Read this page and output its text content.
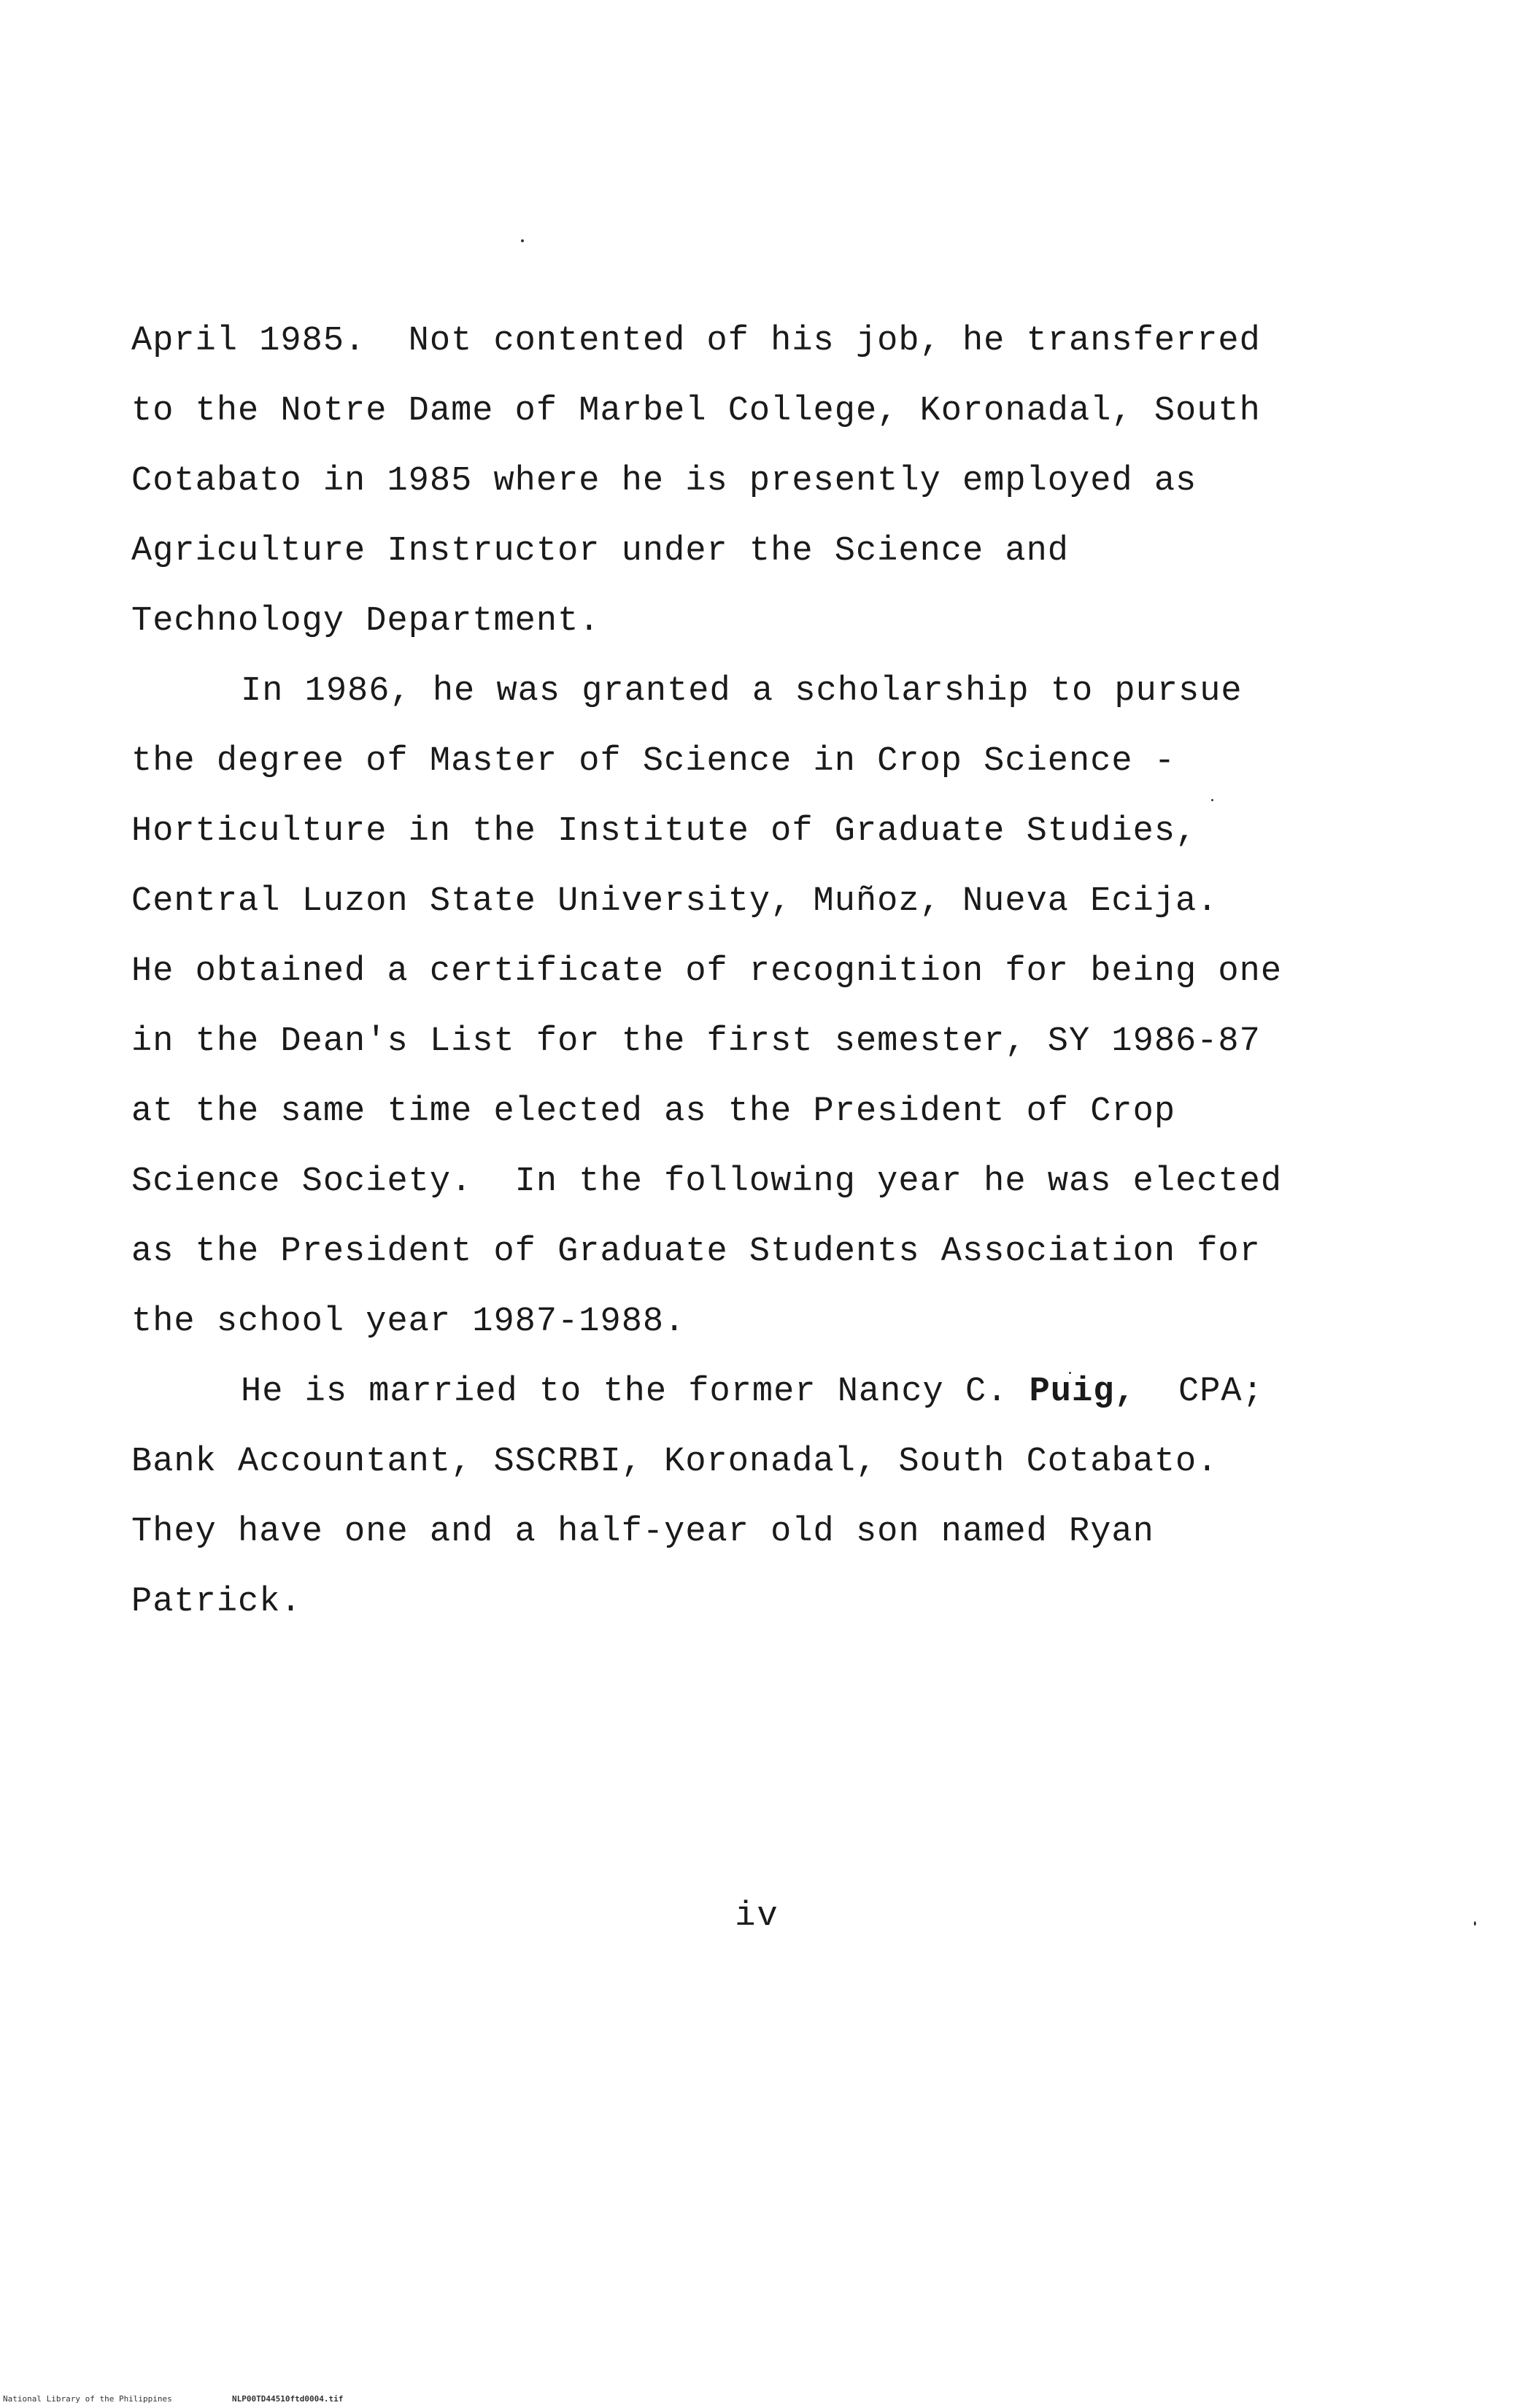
April 1985.  Not contented of his job, he transferred
to the Notre Dame of Marbel College, Koronadal, South
Cotabato in 1985 where he is presently employed as
Agriculture Instructor under the Science and
Technology Department.
In 1986, he was granted a scholarship to pursue
the degree of Master of Science in Crop Science -
Horticulture in the Institute of Graduate Studies,
Central Luzon State University, Muñoz, Nueva Ecija.
He obtained a certificate of recognition for being one
in the Dean's List for the first semester, SY 1986-87
at the same time elected as the President of Crop
Science Society.  In the following year he was elected
as the President of Graduate Students Association for
the school year 1987-1988.
He is married to the former Nancy C. Puig,  CPA;
Bank Accountant, SSCRBI, Koronadal, South Cotabato.
They have one and a half-year old son named Ryan
Patrick.
iv
National Library of the Philippines	NLP00TD44510ftd0004.tif
